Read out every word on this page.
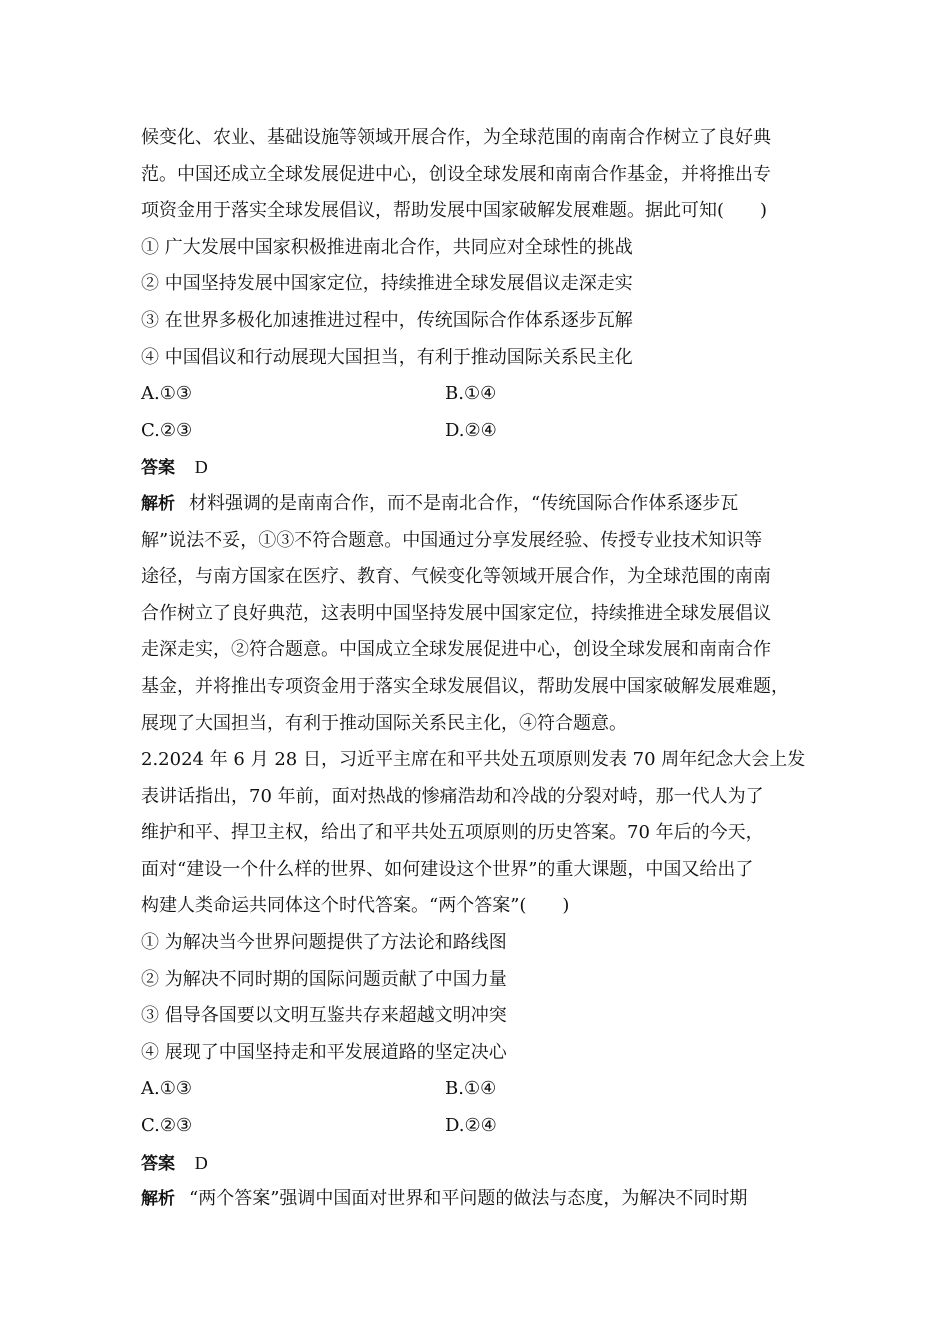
候变化、农业、基础设施等领域开展合作，为全球范围的南南合作树立了良好典
范。中国还成立全球发展促进中心，创设全球发展和南南合作基金，并将推出专
项资金用于落实全球发展倡议，帮助发展中国家破解发展难题。据此可知(　　)
① 广大发展中国家积极推进南北合作，共同应对全球性的挑战
② 中国坚持发展中国家定位，持续推进全球发展倡议走深走实
③ 在世界多极化加速推进过程中，传统国际合作体系逐步瓦解
④ 中国倡议和行动展现大国担当，有利于推动国际关系民主化
A.①③	B.①④
C.②③	D.②④
答案 D
解析 材料强调的是南南合作，而不是南北合作，“传统国际合作体系逐步瓦
解”说法不妥，①③不符合题意。中国通过分享发展经验、传授专业技术知识等
途径，与南方国家在医疗、教育、气候变化等领域开展合作，为全球范围的南南
合作树立了良好典范，这表明中国坚持发展中国家定位，持续推进全球发展倡议
走深走实，②符合题意。中国成立全球发展促进中心，创设全球发展和南南合作
基金，并将推出专项资金用于落实全球发展倡议，帮助发展中国家破解发展难题，
展现了大国担当，有利于推动国际关系民主化，④符合题意。
2.2024 年 6 月 28 日，习近平主席在和平共处五项原则发表 70 周年纪念大会上发
表讲话指出，70 年前，面对热战的惨痛浩劫和冷战的分裂对峙，那一代人为了
维护和平、捍卫主权，给出了和平共处五项原则的历史答案。70 年后的今天，
面对“建设一个什么样的世界、如何建设这个世界”的重大课题，中国又给出了
构建人类命运共同体这个时代答案。“两个答案”(　　)
① 为解决当今世界问题提供了方法论和路线图
② 为解决不同时期的国际问题贡献了中国力量
③ 倡导各国要以文明互鉴共存来超越文明冲突
④ 展现了中国坚持走和平发展道路的坚定决心
A.①③	B.①④
C.②③	D.②④
答案 D
解析 “两个答案”强调中国面对世界和平问题的做法与态度，为解决不同时期
